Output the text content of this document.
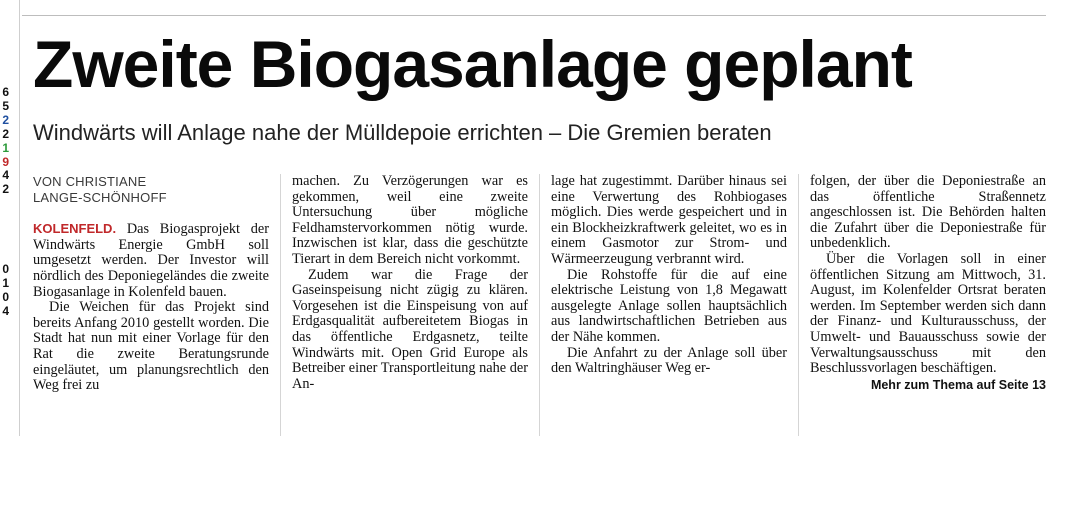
6
5
2
2
1
9
4
2
0
1
0
4
Zweite Biogasanlage geplant
Windwärts will Anlage nahe der Mülldepoie errichten – Die Gremien beraten
VON CHRISTIANE
LANGE-SCHÖNHOFF

KOLENFELD. Das Biogasprojekt der Windwärts Energie GmbH soll umgesetzt werden. Der Investor will nördlich des Deponiegeländes die zweite Biogasanlage in Kolenfeld bauen.

Die Weichen für das Projekt sind bereits Anfang 2010 gestellt worden. Die Stadt hat nun mit einer Vorlage für den Rat die zweite Beratungsrunde eingeläutet, um planungsrechtlich den Weg frei zu

machen. Zu Verzögerungen war es gekommen, weil eine zweite Untersuchung über mögliche Feldhamstervorkommen nötig wurde. Inzwischen ist klar, dass die geschützte Tierart in dem Bereich nicht vorkommt.

Zudem war die Frage der Gaseinspeisung nicht zügig zu klären. Vorgesehen ist die Einspeisung von auf Erdgasqualität aufbereitetem Biogas in das öffentliche Erdgasnetz, teilte Windwärts mit. Open Grid Europe als Betreiber einer Transportleitung nahe der An-

lage hat zugestimmt. Darüber hinaus sei eine Verwertung des Rohbiogases möglich. Dies werde gespeichert und in ein Blockheizkraftwerk geleitet, wo es in einem Gasmotor zur Strom- und Wärmeerzeugung verbrannt wird.

Die Rohstoffe für die auf eine elektrische Leistung von 1,8 Megawatt ausgelegte Anlage sollen hauptsächlich aus landwirtschaftlichen Betrieben aus der Nähe kommen.

Die Anfahrt zu der Anlage soll über den Waltringhäuser Weg er-

folgen, der über die Deponiestraße an das öffentliche Straßennetz angeschlossen ist. Die Behörden halten die Zufahrt über die Deponiestraße für unbedenklich.

Über die Vorlagen soll in einer öffentlichen Sitzung am Mittwoch, 31. August, im Kolenfelder Ortsrat beraten werden. Im September werden sich dann der Finanz- und Kulturausschuss, der Umwelt- und Bauausschuss sowie der Verwaltungsausschuss mit den Beschlussvorlagen beschäftigen.

Mehr zum Thema auf Seite 13
